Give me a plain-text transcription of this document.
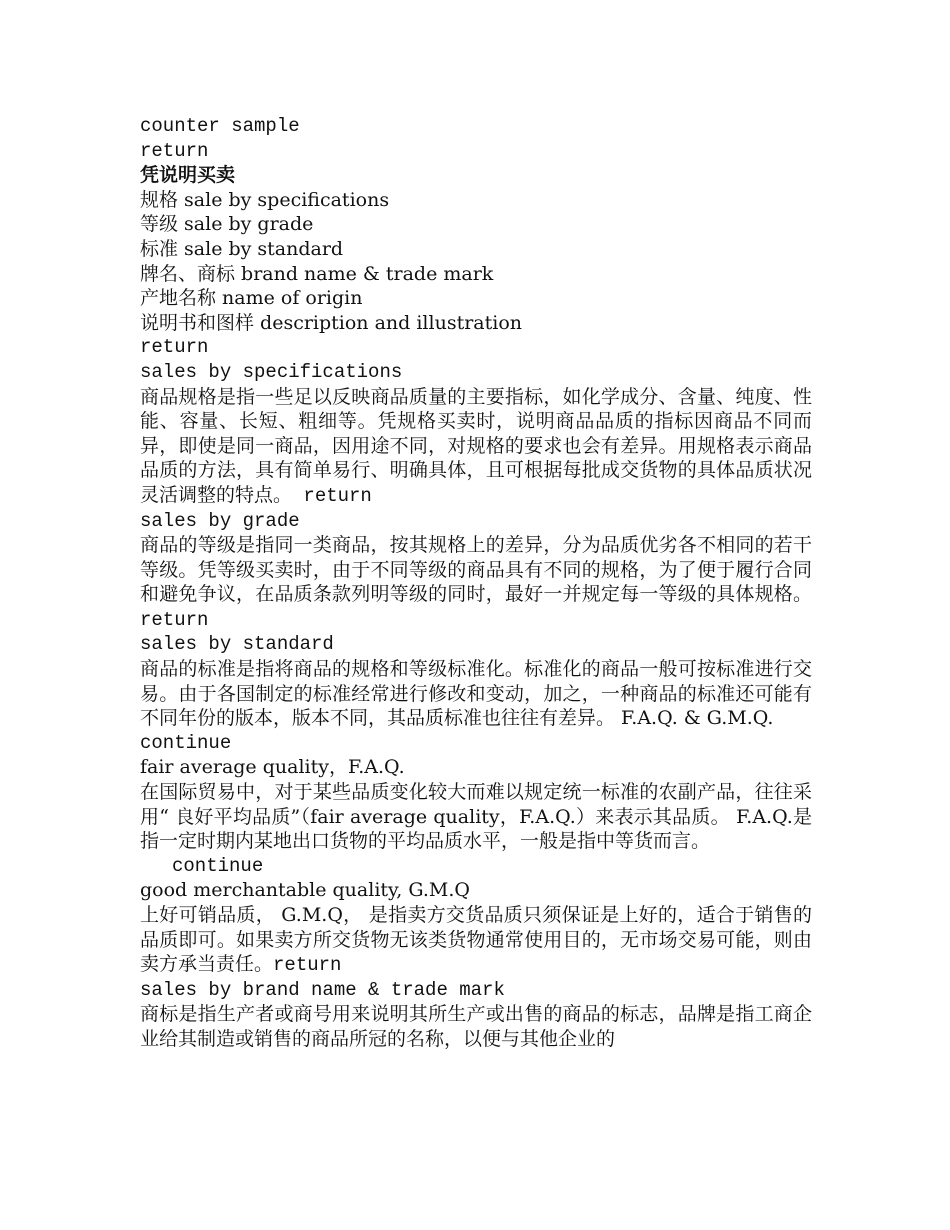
counter sample
return
凭说明买卖
规格 sale by specifications
等级 sale by grade
标准 sale by standard
牌名、商标 brand name & trade mark
产地名称 name of origin
说明书和图样 description and illustration
return
sales by specifications
商品规格是指一些足以反映商品质量的主要指标，如化学成分、含量、纯度、性能、容量、长短、粗细等。凭规格买卖时，说明商品品质的指标因商品不同而异，即使是同一商品，因用途不同，对规格的要求也会有差异。用规格表示商品品质的方法，具有简单易行、明确具体，且可根据每批成交货物的具体品质状况灵活调整的特点。 return
sales by grade
商品的等级是指同一类商品，按其规格上的差异，分为品质优劣各不相同的若干等级。凭等级买卖时，由于不同等级的商品具有不同的规格，为了便于履行合同和避免争议，在品质条款列明等级的同时，最好一并规定每一等级的具体规格。return
sales by standard
商品的标准是指将商品的规格和等级标准化。标准化的商品一般可按标准进行交易。由于各国制定的标准经常进行修改和变动，加之，一种商品的标准还可能有不同年份的版本，版本不同，其品质标准也往往有差异。 F.A.Q. & G.M.Q.
continue
fair average quality，F.A.Q.
在国际贸易中，对于某些品质变化较大而难以规定统一标准的农副产品，往往采用“ 良好平均品质”（fair average quality，F.A.Q.）来表示其品质。 F.A.Q.是指一定时期内某地出口货物的平均品质水平，一般是指中等货而言。
continue
good merchantable quality, G.M.Q
上好可销品质， G.M.Q， 是指卖方交货品质只须保证是上好的，适合于销售的品质即可。如果卖方所交货物无该类货物通常使用目的，无市场交易可能，则由卖方承当责任。return
sales by brand name & trade mark
商标是指生产者或商号用来说明其所生产或出售的商品的标志，品牌是指工商企业给其制造或销售的商品所冠的名称，以便与其他企业的
